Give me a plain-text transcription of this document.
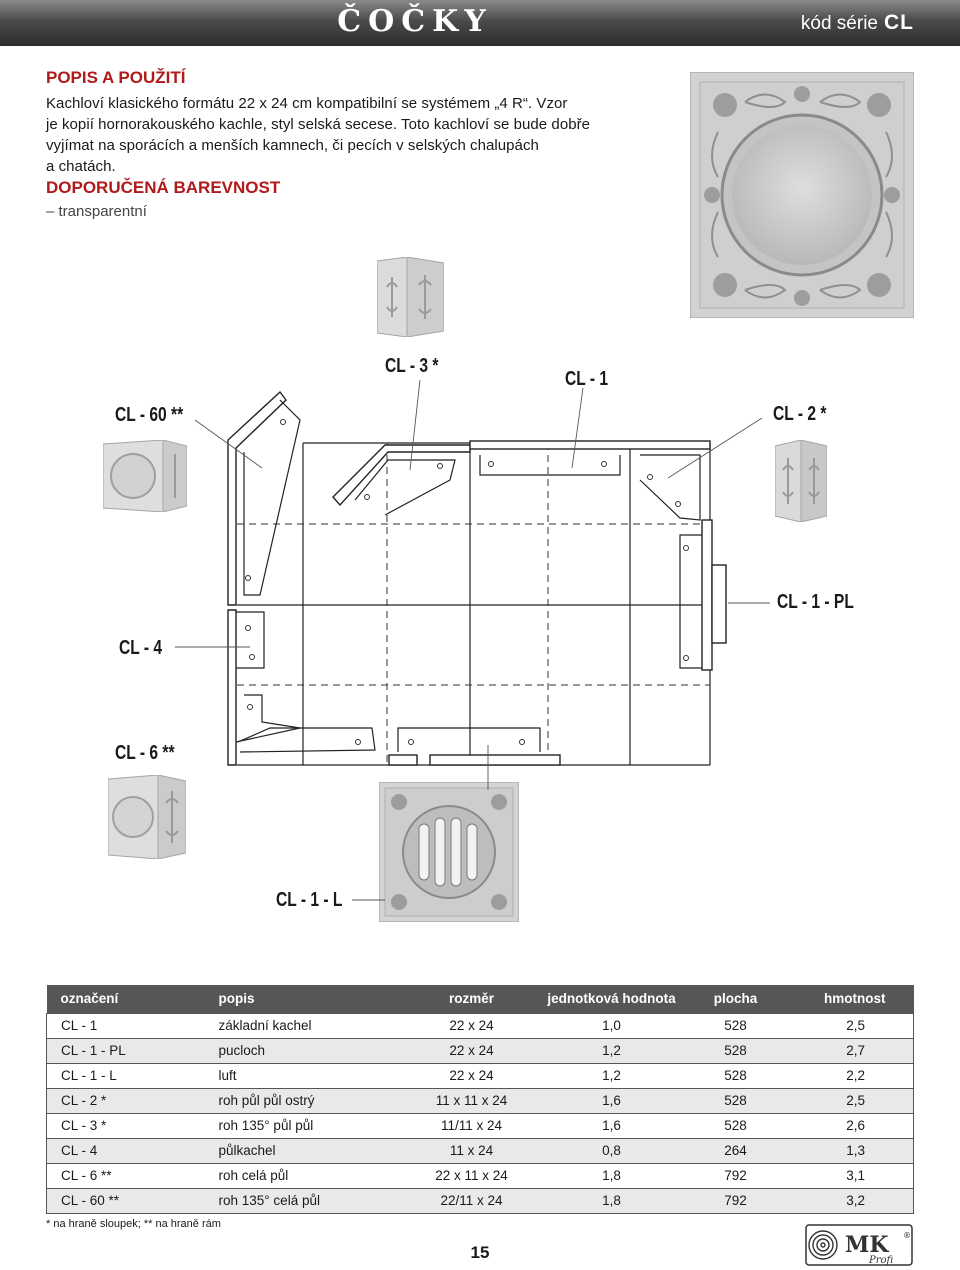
ČOČKY	kód série CL
POPIS A POUŽITÍ
Kachloví klasického formátu 22 x 24 cm kompatibilní se systémem „4 R“. Vzor
je kopií hornorakouského kachle, styl selská secese. Toto kachloví se bude dobře
vyjímat na sporácích a menších kamnech, či pecích v selských chalupách
a chatách.
DOPORUČENÁ BAREVNOST
– transparentní
CL - 3 *
CL - 1
CL - 60 **	CL - 2 *
CL - 1 - PL
CL - 4
CL - 6 **
CL - 1 - L
označení	popis	rozměr	jednotková hodnota	plocha	hmotnost
CL - 1	základní kachel	22 x 24	1,0	528	2,5
CL - 1 - PL	pucloch	22 x 24	1,2	528	2,7
CL - 1 - L	luft	22 x 24	1,2	528	2,2
CL - 2 *	roh půl půl ostrý	11 x 11 x 24	1,6	528	2,5
CL - 3 *	roh 135° půl půl	11/11 x 24	1,6	528	2,6
CL - 4	půlkachel	11 x 24	0,8	264	1,3
CL - 6 **	roh celá půl	22 x 11 x 24	1,8	792	3,1
CL - 60 **	roh 135° celá půl	22/11 x 24	1,8	792	3,2
* na hraně sloupek; ** na hraně rám
15	MK ®
Profi
